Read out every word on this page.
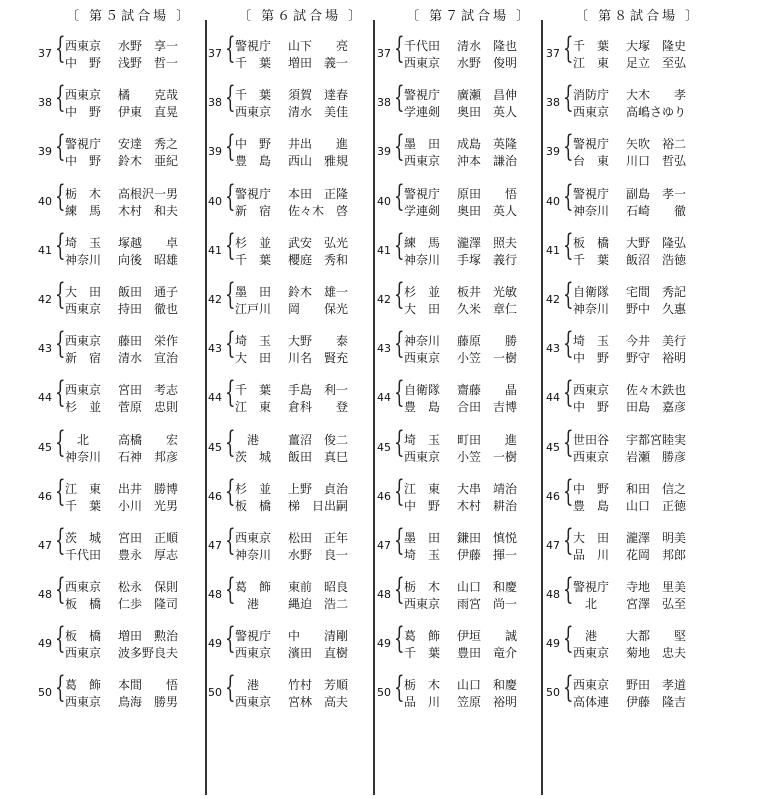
〔 第５試合場 〕
37 { 西東京 水野　享一
中　野 浅野　哲一
38 { 西東京 橘　　克哉
中　野 伊東　直晃
39 { 警視庁 安達　秀之
中　野 鈴木　亜紀
40 { 栃　木 高根沢一男
練　馬 木村　和夫
41 { 埼　玉 塚越　　卓
神奈川 向後　昭雄
42 { 大　田 飯田　通子
西東京 持田　徹也
43 { 西東京 藤田　栄作
新　宿 清水　宣治
44 { 西東京 宮田　考志
杉　並 菅原　忠則
45 { 　北 高橋　　宏
神奈川 石神　邦彦
46 { 江　東 出井　勝博
千　葉 小川　光男
47 { 茨　城 宮田　正順
千代田 豊永　厚志
48 { 西東京 松永　保則
板　橋 仁歩　隆司
49 { 板　橋 増田　勲治
西東京 波多野良夫
50 { 葛　飾 本間　　悟
西東京 鳥海　勝男
〔 第６試合場 〕
37 { 警視庁 山下　　亮
千　葉 増田　義一
38 { 千　葉 須賀　達春
西東京 清水　美佳
39 { 中　野 井出　　進
豊　島 西山　雅規
40 { 警視庁 本田　正隆
新　宿 佐々木　啓
41 { 杉　並 武安　弘光
千　葉 櫻庭　秀和
42 { 墨　田 鈴木　雄一
江戸川 岡　　保光
43 { 埼　玉 大野　　泰
大　田 川名　賢充
44 { 千　葉 手島　利一
江　東 倉科　　登
45 { 　港 薑沼　俊二
茨　城 飯田　真巳
46 { 杉　並 上野　貞治
板　橋 梯　日出嗣
47 { 西東京 松田　正年
神奈川 水野　良一
48 { 葛　飾 東前　昭良
　港 縄迫　浩二
49 { 警視庁 中　　清剛
西東京 濱田　直樹
50 { 　港 竹村　芳順
西東京 宮林　高夫
〔 第７試合場 〕
37 { 千代田 清水　隆也
西東京 水野　俊明
38 { 警視庁 廣瀬　昌伸
学連剣 奥田　英人
39 { 墨　田 成島　英隆
西東京 沖本　謙治
40 { 警視庁 原田　　悟
学連剣 奥田　英人
41 { 練　馬 瀧澤　照夫
神奈川 手塚　義行
42 { 杉　並 板井　光敏
大　田 久米　章仁
43 { 神奈川 藤原　　勝
西東京 小笠　一樹
44 { 自衛隊 齋藤　　晶
豊　島 合田　吉博
45 { 埼　玉 町田　　進
西東京 小笠　一樹
46 { 江　東 大串　靖治
中　野 木村　耕治
47 { 墨　田 鎌田　慎悦
埼　玉 伊藤　揮一
48 { 栃　木 山口　和慶
西東京 雨宮　尚一
49 { 葛　飾 伊垣　　誠
千　葉 豊田　竜介
50 { 栃　木 山口　和慶
品　川 笠原　裕明
〔 第８試合場 〕
37 { 千　葉 大塚　隆史
江　東 足立　至弘
38 { 消防庁 大木　　孝
西東京 高嶋さゆり
39 { 警視庁 矢吹　裕二
台　東 川口　哲弘
40 { 警視庁 副島　孝一
神奈川 石崎　　徹
41 { 板　橋 大野　隆弘
千　葉 飯沼　浩徳
42 { 自衛隊 宅間　秀記
神奈川 野中　久惠
43 { 埼　玉 今井　美行
中　野 野守　裕明
44 { 西東京 佐々木鉄也
中　野 田島　嘉彦
45 { 世田谷 宇都宮睦実
西東京 岩瀬　勝彦
46 { 中　野 和田　信之
豊　島 山口　正徳
47 { 大　田 瀧澤　明美
品　川 花岡　邦郎
48 { 警視庁 寺地　里美
　北 宮澤　弘至
49 { 　港 大都　　堅
西東京 菊地　忠夫
50 { 西東京 野田　孝道
高体連 伊藤　隆吉
